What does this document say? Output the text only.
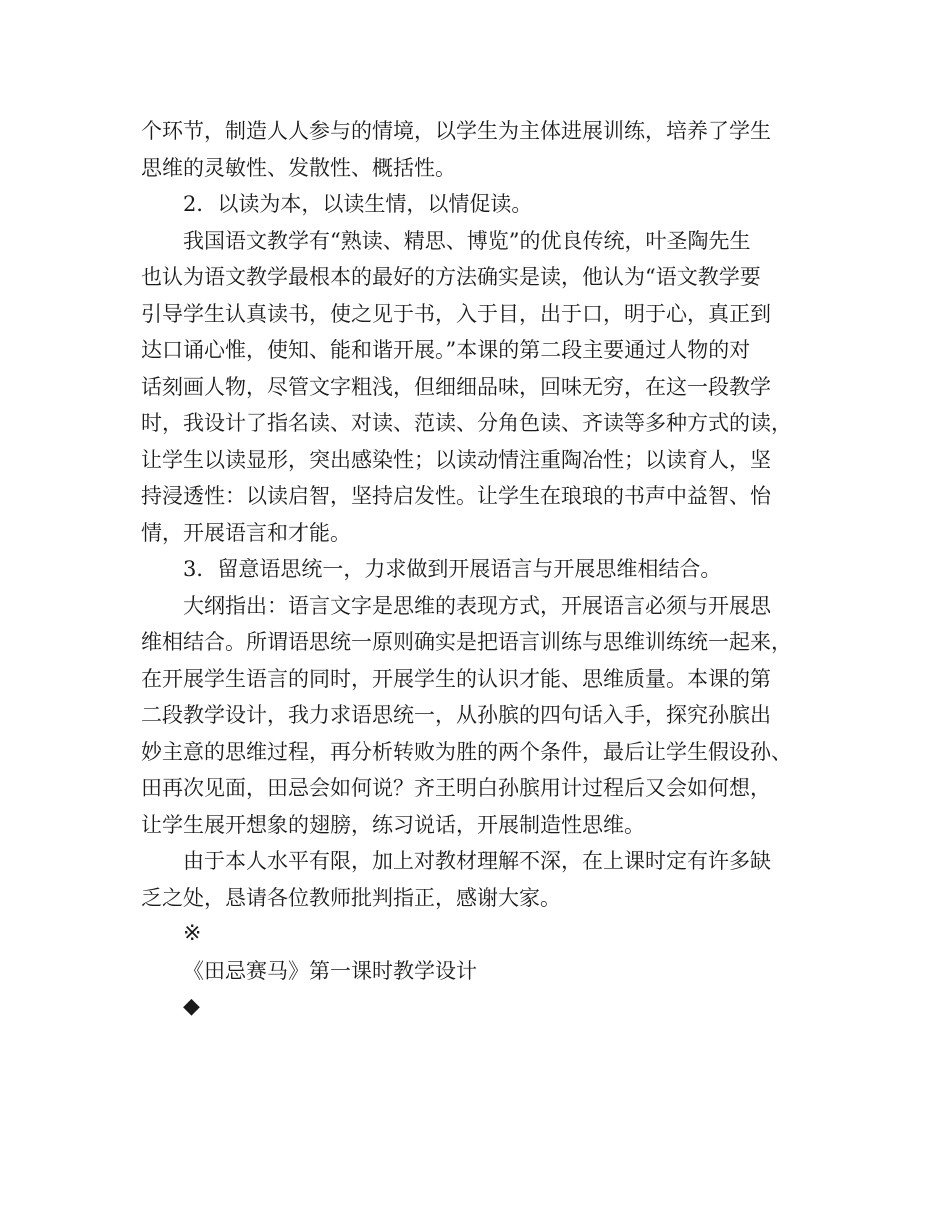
个环节，制造人人参与的情境，以学生为主体进展训练，培养了学生
思维的灵敏性、发散性、概括性。
2．以读为本，以读生情，以情促读。
我国语文教学有“熟读、精思、博览”的优良传统，叶圣陶先生
也认为语文教学最根本的最好的方法确实是读，他认为“语文教学要
引导学生认真读书，使之见于书，入于目，出于口，明于心，真正到
达口诵心惟，使知、能和谐开展。”本课的第二段主要通过人物的对
话刻画人物，尽管文字粗浅，但细细品味，回味无穷，在这一段教学
时，我设计了指名读、对读、范读、分角色读、齐读等多种方式的读，
让学生以读显形，突出感染性；以读动情注重陶冶性；以读育人，坚
持浸透性：以读启智，坚持启发性。让学生在琅琅的书声中益智、怡
情，开展语言和才能。
3．留意语思统一，力求做到开展语言与开展思维相结合。
大纲指出：语言文字是思维的表现方式，开展语言必须与开展思
维相结合。所谓语思统一原则确实是把语言训练与思维训练统一起来，
在开展学生语言的同时，开展学生的认识才能、思维质量。本课的第
二段教学设计，我力求语思统一，从孙膑的四句话入手，探究孙膑出
妙主意的思维过程，再分析转败为胜的两个条件，最后让学生假设孙、
田再次见面，田忌会如何说？齐王明白孙膑用计过程后又会如何想，
让学生展开想象的翅膀，练习说话，开展制造性思维。
由于本人水平有限，加上对教材理解不深，在上课时定有许多缺
乏之处，恳请各位教师批判指正，感谢大家。
※
《田忌赛马》第一课时教学设计
◆
